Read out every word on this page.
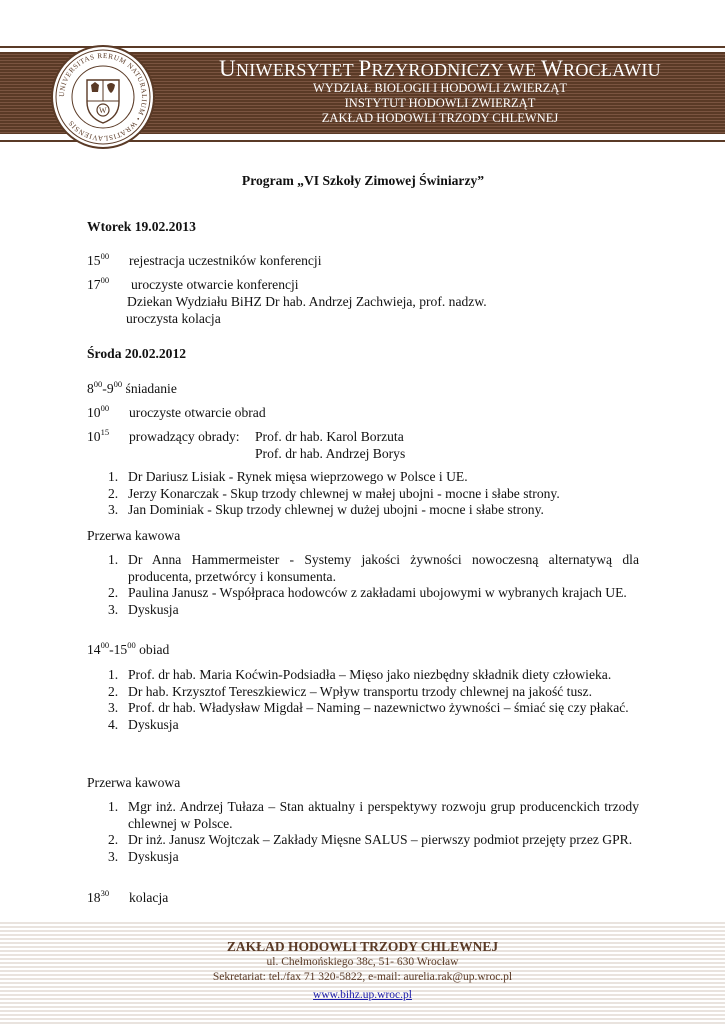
UNIVERSITAS RERUM NATURALIUM • WRATISLAVIENSIS
W
UNIWERSYTET PRZYRODNICZY WE WROCŁAWIU
WYDZIAŁ BIOLOGII I HODOWLI ZWIERZĄT
INSTYTUT HODOWLI ZWIERZĄT
ZAKŁAD HODOWLI TRZODY CHLEWNEJ
Program „VI Szkoły Zimowej Świniarzy”
Wtorek 19.02.2013
$15^{00}$ rejestracja uczestników konferencji
$17^{00}$ uroczyste otwarcie konferencji
Dziekan Wydziału BiHZ Dr hab. Andrzej Zachwieja, prof. nadzw.
uroczysta kolacja
Środa 20.02.2012
$8^{00}-9^{00}$ śniadanie
$10^{00}$ uroczyste otwarcie obrad
$10^{15}$ prowadzący obrady: Prof. dr hab. Karol Borzuta
Prof. dr hab. Andrzej Borys
1. Dr Dariusz Lisiak - Rynek mięsa wieprzowego w Polsce i UE.
2. Jerzy Konarczak - Skup trzody chlewnej w małej ubojni - mocne i słabe strony.
3. Jan Dominiak - Skup trzody chlewnej w dużej ubojni - mocne i słabe strony.
Przerwa kawowa
1. Dr Anna Hammermeister - Systemy jakości żywności nowoczesną alternatywą dla producenta, przetwórcy i konsumenta.
2. Paulina Janusz - Współpraca hodowców z zakładami ubojowymi w wybranych krajach UE.
3. Dyskusja
$14^{00}-15^{00}$ obiad
1. Prof. dr hab. Maria Koćwin-Podsiadła – Mięso jako niezbędny składnik diety człowieka.
2. Dr hab. Krzysztof Tereszkiewicz – Wpływ transportu trzody chlewnej na jakość tusz.
3. Prof. dr hab. Władysław Migdał – Naming – nazewnictwo żywności – śmiać się czy płakać.
4. Dyskusja
Przerwa kawowa
1. Mgr inż. Andrzej Tułaza – Stan aktualny i perspektywy rozwoju grup producenckich trzody chlewnej w Polsce.
2. Dr inż. Janusz Wojtczak – Zakłady Mięsne SALUS – pierwszy podmiot przejęty przez GPR.
3. Dyskusja
$18^{30}$ kolacja
ZAKŁAD HODOWLI TRZODY CHLEWNEJ
ul. Chełmońskiego 38c, 51- 630 Wrocław
Sekretariat: tel./fax 71 320-5822, e-mail: aurelia.rak@up.wroc.pl
www.bihz.up.wroc.pl
